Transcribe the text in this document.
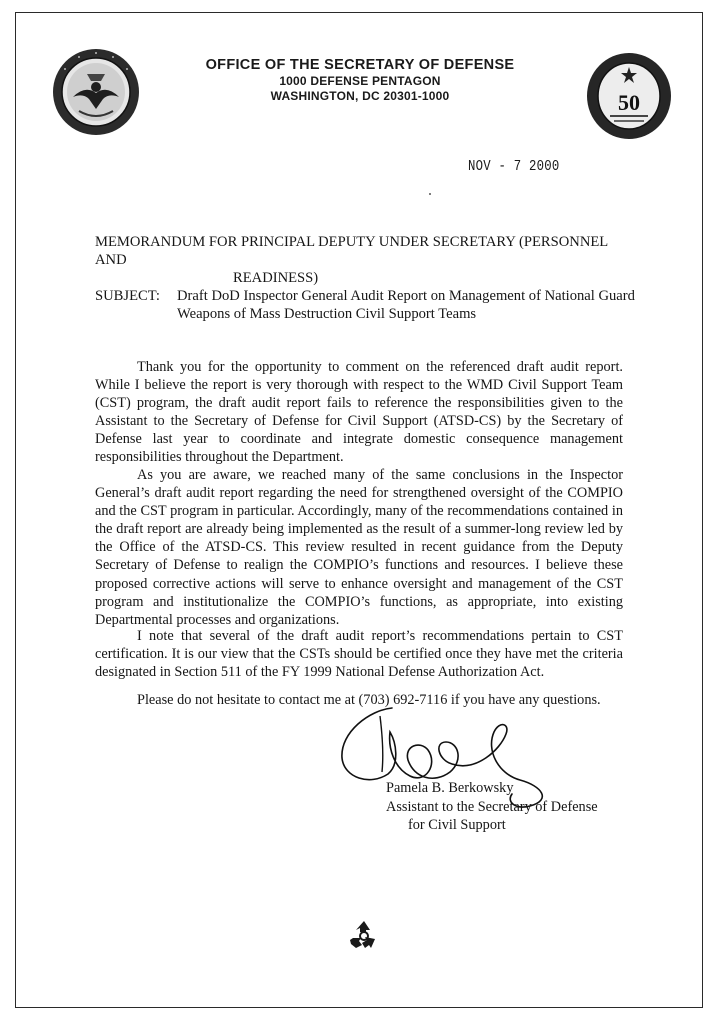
50
OFFICE OF THE SECRETARY OF DEFENSE
1000 DEFENSE PENTAGON
WASHINGTON, DC 20301-1000
NOV - 7 2000
MEMORANDUM FOR PRINCIPAL DEPUTY UNDER SECRETARY (PERSONNEL AND
READINESS)
SUBJECT:	Draft DoD Inspector General Audit Report on Management of National Guard Weapons of Mass Destruction Civil Support Teams

Thank you for the opportunity to comment on the referenced draft audit report. While I believe the report is very thorough with respect to the WMD Civil Support Team (CST) program, the draft audit report fails to reference the responsibilities given to the Assistant to the Secretary of Defense for Civil Support (ATSD-CS) by the Secretary of Defense last year to coordinate and integrate domestic consequence management responsibilities throughout the Department.

As you are aware, we reached many of the same conclusions in the Inspector General’s draft audit report regarding the need for strengthened oversight of the COMPIO and the CST program in particular. Accordingly, many of the recommendations contained in the draft report are already being implemented as the result of a summer-long review led by the Office of the ATSD-CS. This review resulted in recent guidance from the Deputy Secretary of Defense to realign the COMPIO’s functions and resources. I believe these proposed corrective actions will serve to enhance oversight and management of the CST program and institutionalize the COMPIO’s functions, as appropriate, into existing Departmental processes and organizations.

I note that several of the draft audit report’s recommendations pertain to CST certification. It is our view that the CSTs should be certified once they have met the criteria designated in Section 511 of the FY 1999 National Defense Authorization Act.

Please do not hesitate to contact me at (703) 692-7116 if you have any questions.
Pamela B. Berkowsky
Assistant to the Secretary of Defense
for Civil Support
